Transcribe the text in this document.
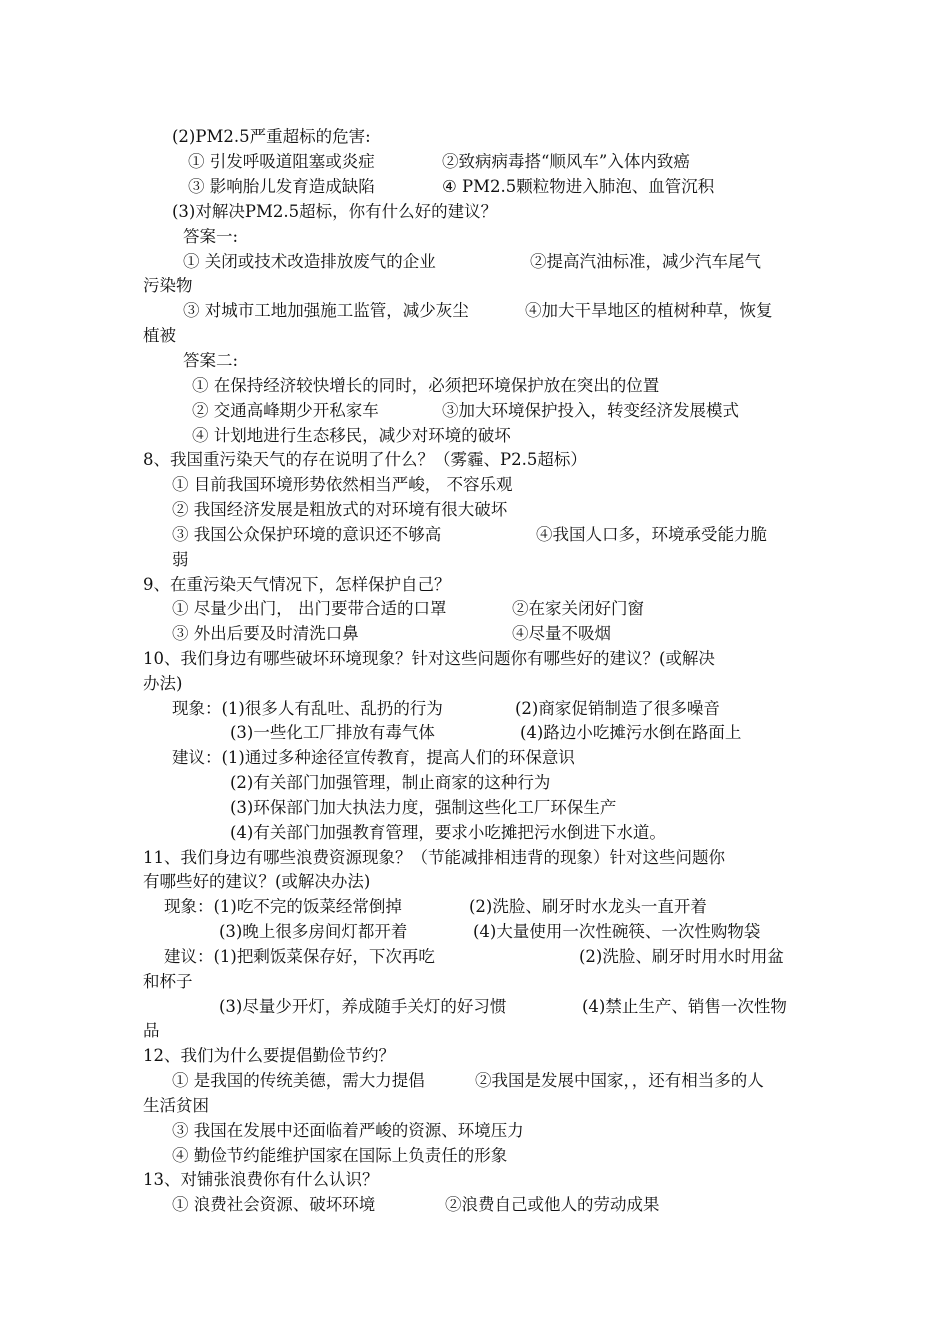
(2)PM2.5严重超标的危害:
① 引发呼吸道阻塞或炎症	②致病病毒搭“顺风车”入体内致癌
③ 影响胎儿发育造成缺陷	④ PM2.5颗粒物进入肺泡、血管沉积
(3)对解决PM2.5超标，你有什么好的建议？
答案一:
① 关闭或技术改造排放废气的企业	②提高汽油标准，减少汽车尾气
污染物
③ 对城市工地加强施工监管，减少灰尘	④加大干旱地区的植树种草，恢复
植被
答案二:
① 在保持经济较快增长的同时，必须把环境保护放在突出的位置
② 交通高峰期少开私家车	③加大环境保护投入，转变经济发展模式
④ 计划地进行生态移民，减少对环境的破坏
8、我国重污染天气的存在说明了什么？（雾霾、P2.5超标）
① 目前我国环境形势依然相当严峻， 不容乐观
② 我国经济发展是粗放式的对环境有很大破坏
③ 我国公众保护环境的意识还不够高	④我国人口多，环境承受能力脆
弱
9、在重污染天气情况下，怎样保护自己？
① 尽量少出门， 出门要带合适的口罩	②在家关闭好门窗
③ 外出后要及时清洗口鼻	④尽量不吸烟
10、我们身边有哪些破坏环境现象？针对这些问题你有哪些好的建议？(或解决
办法)
现象：(1)很多人有乱吐、乱扔的行为	(2)商家促销制造了很多噪音
(3)一些化工厂排放有毒气体	(4)路边小吃摊污水倒在路面上
建议：(1)通过多种途径宣传教育，提高人们的环保意识
(2)有关部门加强管理，制止商家的这种行为
(3)环保部门加大执法力度，强制这些化工厂环保生产
(4)有关部门加强教育管理，要求小吃摊把污水倒进下水道。
11、我们身边有哪些浪费资源现象？（节能减排相违背的现象）针对这些问题你
有哪些好的建议？(或解决办法)
现象：(1)吃不完的饭菜经常倒掉	(2)洗脸、刷牙时水龙头一直开着
(3)晚上很多房间灯都开着	(4)大量使用一次性碗筷、一次性购物袋
建议：(1)把剩饭菜保存好，下次再吃	(2)洗脸、刷牙时用水时用盆
和杯子
(3)尽量少开灯，养成随手关灯的好习惯	(4)禁止生产、销售一次性物
品
12、我们为什么要提倡勤俭节约？
① 是我国的传统美德，需大力提倡	②我国是发展中国家，，还有相当多的人
生活贫困
③ 我国在发展中还面临着严峻的资源、环境压力
④ 勤俭节约能维护国家在国际上负责任的形象
13、对铺张浪费你有什么认识？
① 浪费社会资源、破坏环境	②浪费自己或他人的劳动成果
